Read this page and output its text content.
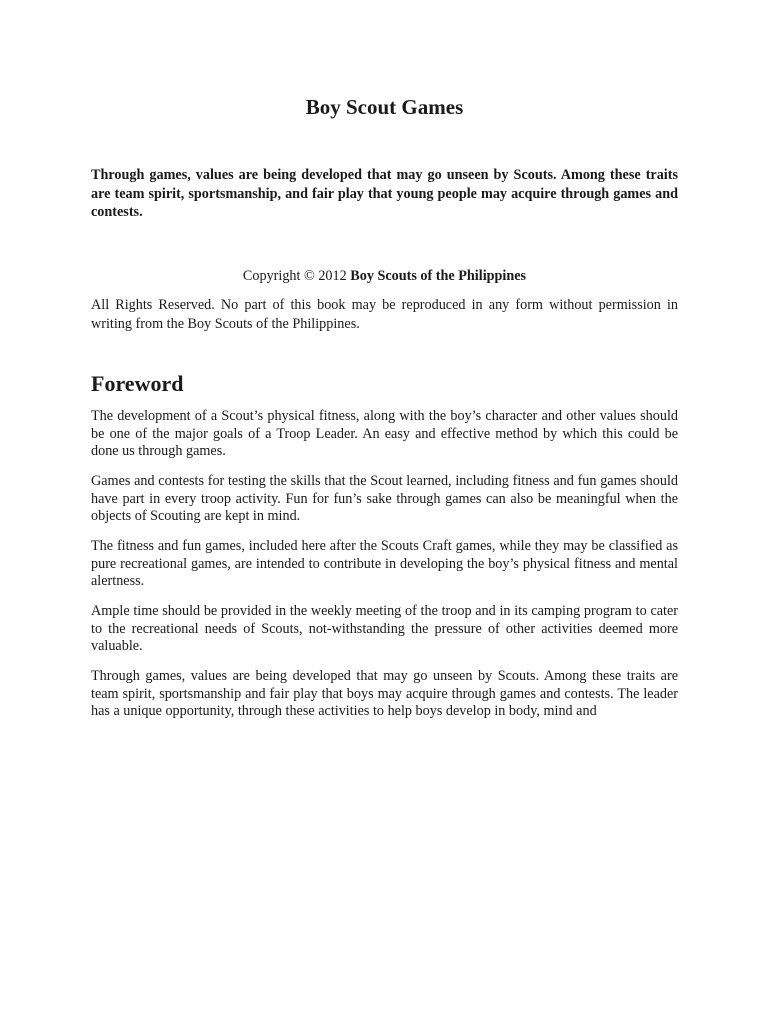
Boy Scout Games

Through games, values are being developed that may go unseen by Scouts. Among these traits are team spirit, sportsmanship, and fair play that young people may acquire through games and contests.

Copyright © 2012 Boy Scouts of the Philippines

All Rights Reserved. No part of this book may be reproduced in any form without permission in writing from the Boy Scouts of the Philippines.

Foreword

The development of a Scout’s physical fitness, along with the boy’s character and other values should be one of the major goals of a Troop Leader. An easy and effective method by which this could be done us through games.

Games and contests for testing the skills that the Scout learned, including fitness and fun games should have part in every troop activity. Fun for fun’s sake through games can also be meaningful when the objects of Scouting are kept in mind.

The fitness and fun games, included here after the Scouts Craft games, while they may be classified as pure recreational games, are intended to contribute in developing the boy’s physical fitness and mental alertness.

Ample time should be provided in the weekly meeting of the troop and in its camping program to cater to the recreational needs of Scouts, not-withstanding the pressure of other activities deemed more valuable.

Through games, values are being developed that may go unseen by Scouts. Among these traits are team spirit, sportsmanship and fair play that boys may acquire through games and contests. The leader has a unique opportunity, through these activities to help boys develop in body, mind and
